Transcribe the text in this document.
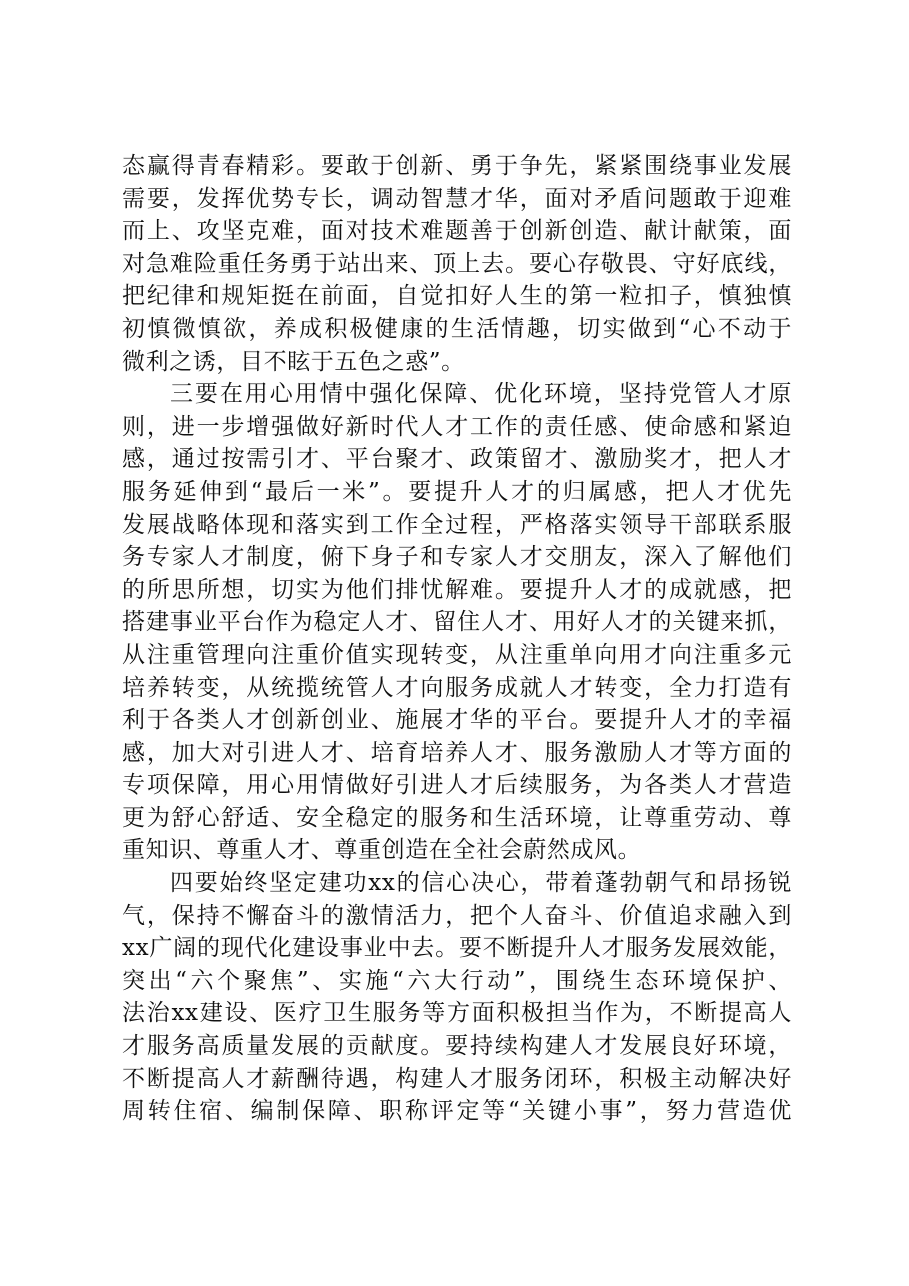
态赢得青春精彩。要敢于创新、勇于争先，紧紧围绕事业发展
需要，发挥优势专长，调动智慧才华，面对矛盾问题敢于迎难
而上、攻坚克难，面对技术难题善于创新创造、献计献策，面
对急难险重任务勇于站出来、顶上去。要心存敬畏、守好底线，
把纪律和规矩挺在前面，自觉扣好人生的第一粒扣子，慎独慎
初慎微慎欲，养成积极健康的生活情趣，切实做到“心不动于
微利之诱，目不眩于五色之惑”。
三要在用心用情中强化保障、优化环境，坚持党管人才原
则，进一步增强做好新时代人才工作的责任感、使命感和紧迫
感，通过按需引才、平台聚才、政策留才、激励奖才，把人才
服务延伸到“最后一米”。要提升人才的归属感，把人才优先
发展战略体现和落实到工作全过程，严格落实领导干部联系服
务专家人才制度，俯下身子和专家人才交朋友，深入了解他们
的所思所想，切实为他们排忧解难。要提升人才的成就感，把
搭建事业平台作为稳定人才、留住人才、用好人才的关键来抓，
从注重管理向注重价值实现转变，从注重单向用才向注重多元
培养转变，从统揽统管人才向服务成就人才转变，全力打造有
利于各类人才创新创业、施展才华的平台。要提升人才的幸福
感，加大对引进人才、培育培养人才、服务激励人才等方面的
专项保障，用心用情做好引进人才后续服务，为各类人才营造
更为舒心舒适、安全稳定的服务和生活环境，让尊重劳动、尊
重知识、尊重人才、尊重创造在全社会蔚然成风。
四要始终坚定建功xx的信心决心，带着蓬勃朝气和昂扬锐
气，保持不懈奋斗的激情活力，把个人奋斗、价值追求融入到
xx广阔的现代化建设事业中去。要不断提升人才服务发展效能，
突出“六个聚焦”、实施“六大行动”，围绕生态环境保护、
法治xx建设、医疗卫生服务等方面积极担当作为，不断提高人
才服务高质量发展的贡献度。要持续构建人才发展良好环境，
不断提高人才薪酬待遇，构建人才服务闭环，积极主动解决好
周转住宿、编制保障、职称评定等“关键小事”，努力营造优
